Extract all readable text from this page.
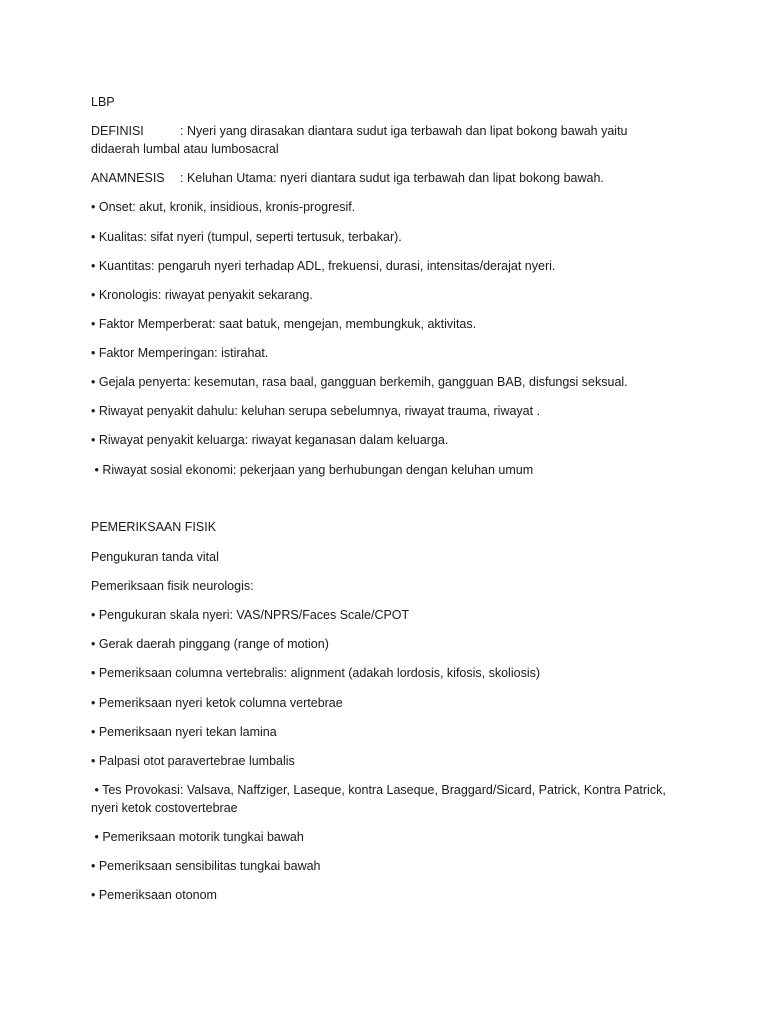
LBP
DEFINISI	: Nyeri yang dirasakan diantara sudut iga terbawah dan lipat bokong bawah yaitu
didaerah lumbal atau lumbosacral
ANAMNESIS : Keluhan Utama: nyeri diantara sudut iga terbawah dan lipat bokong bawah.
• Onset: akut, kronik, insidious, kronis-progresif.
• Kualitas: sifat nyeri (tumpul, seperti tertusuk, terbakar).
• Kuantitas: pengaruh nyeri terhadap ADL, frekuensi, durasi, intensitas/derajat nyeri.
• Kronologis: riwayat penyakit sekarang.
• Faktor Memperberat: saat batuk, mengejan, membungkuk, aktivitas.
• Faktor Memperingan: istirahat.
• Gejala penyerta: kesemutan, rasa baal, gangguan berkemih, gangguan BAB, disfungsi seksual.
• Riwayat penyakit dahulu: keluhan serupa sebelumnya, riwayat trauma, riwayat .
• Riwayat penyakit keluarga: riwayat keganasan dalam keluarga.
• Riwayat sosial ekonomi: pekerjaan yang berhubungan dengan keluhan umum
PEMERIKSAAN FISIK
Pengukuran tanda vital
Pemeriksaan fisik neurologis:
• Pengukuran skala nyeri: VAS/NPRS/Faces Scale/CPOT
• Gerak daerah pinggang (range of motion)
• Pemeriksaan columna vertebralis: alignment (adakah lordosis, kifosis, skoliosis)
• Pemeriksaan nyeri ketok columna vertebrae
• Pemeriksaan nyeri tekan lamina
• Palpasi otot paravertebrae lumbalis
• Tes Provokasi: Valsava, Naffziger, Laseque, kontra Laseque, Braggard/Sicard, Patrick, Kontra Patrick,
nyeri ketok costovertebrae
• Pemeriksaan motorik tungkai bawah
• Pemeriksaan sensibilitas tungkai bawah
• Pemeriksaan otonom
